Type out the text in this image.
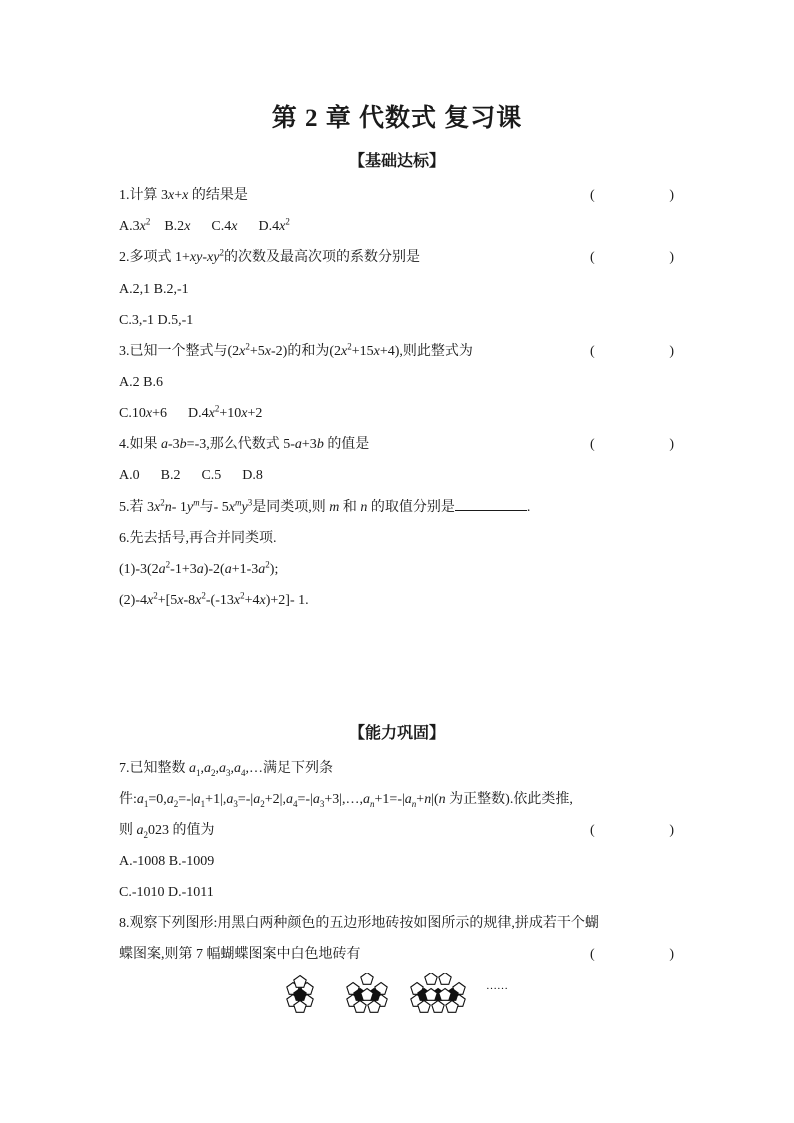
第 2 章 代数式 复习课
【基础达标】
1.计算 3x+x 的结果是	(	)
$A.3x^2$ B.2x C.4x $D.4x^2$
2.多项式 $1+xy-xy^2$的次数及最高次项的系数分别是	(	)
A.2,1 B.2,-1
C.3,-1 D.5,-1
3.已知一个整式与$(2x^2+5x-2)$的和为$(2x^2+15x+4)$,则此整式为	(	)
A.2 B.6
C.10x+6 $D.4x^2+10x+2$
4.如果 a-3b=-3,那么代数式 5-a+3b 的值是	(	)
A.0      B.2      C.5      D.8
5.若 $3x^2n-$ $1y^m$与- $5x^my^3$是同类项,则 m 和 n 的取值分别是	.
6.先去括号,再合并同类项.
$(1)-3(2a^2-1+3a)-2(a+1-3a^2)$;
$(2)-4x^2+[5x-8x^2-(-13x^2+4x)+2]-$ 1.
【能力巩固】
7.已知整数 $a_1,a_2,a_3,a_4,\dots$满足下列条
件$:a_1=0,a_2=-|a_1+1|,a_3=-|a_2+2|,a_4=-|a_3+3|,\dots,a_n+1=-|a_n+n|(n$ 为正整数).依此类推,
则 $a_2023$ 的值为	(	)
A.-1008 B.-1009
C.-1010 D.-1011
8.观察下列图形:用黑白两种颜色的五边形地砖按如图所示的规律,拼成若干个蝴
蝶图案,则第 7 幅蝴蝶图案中白色地砖有	(	)
……
